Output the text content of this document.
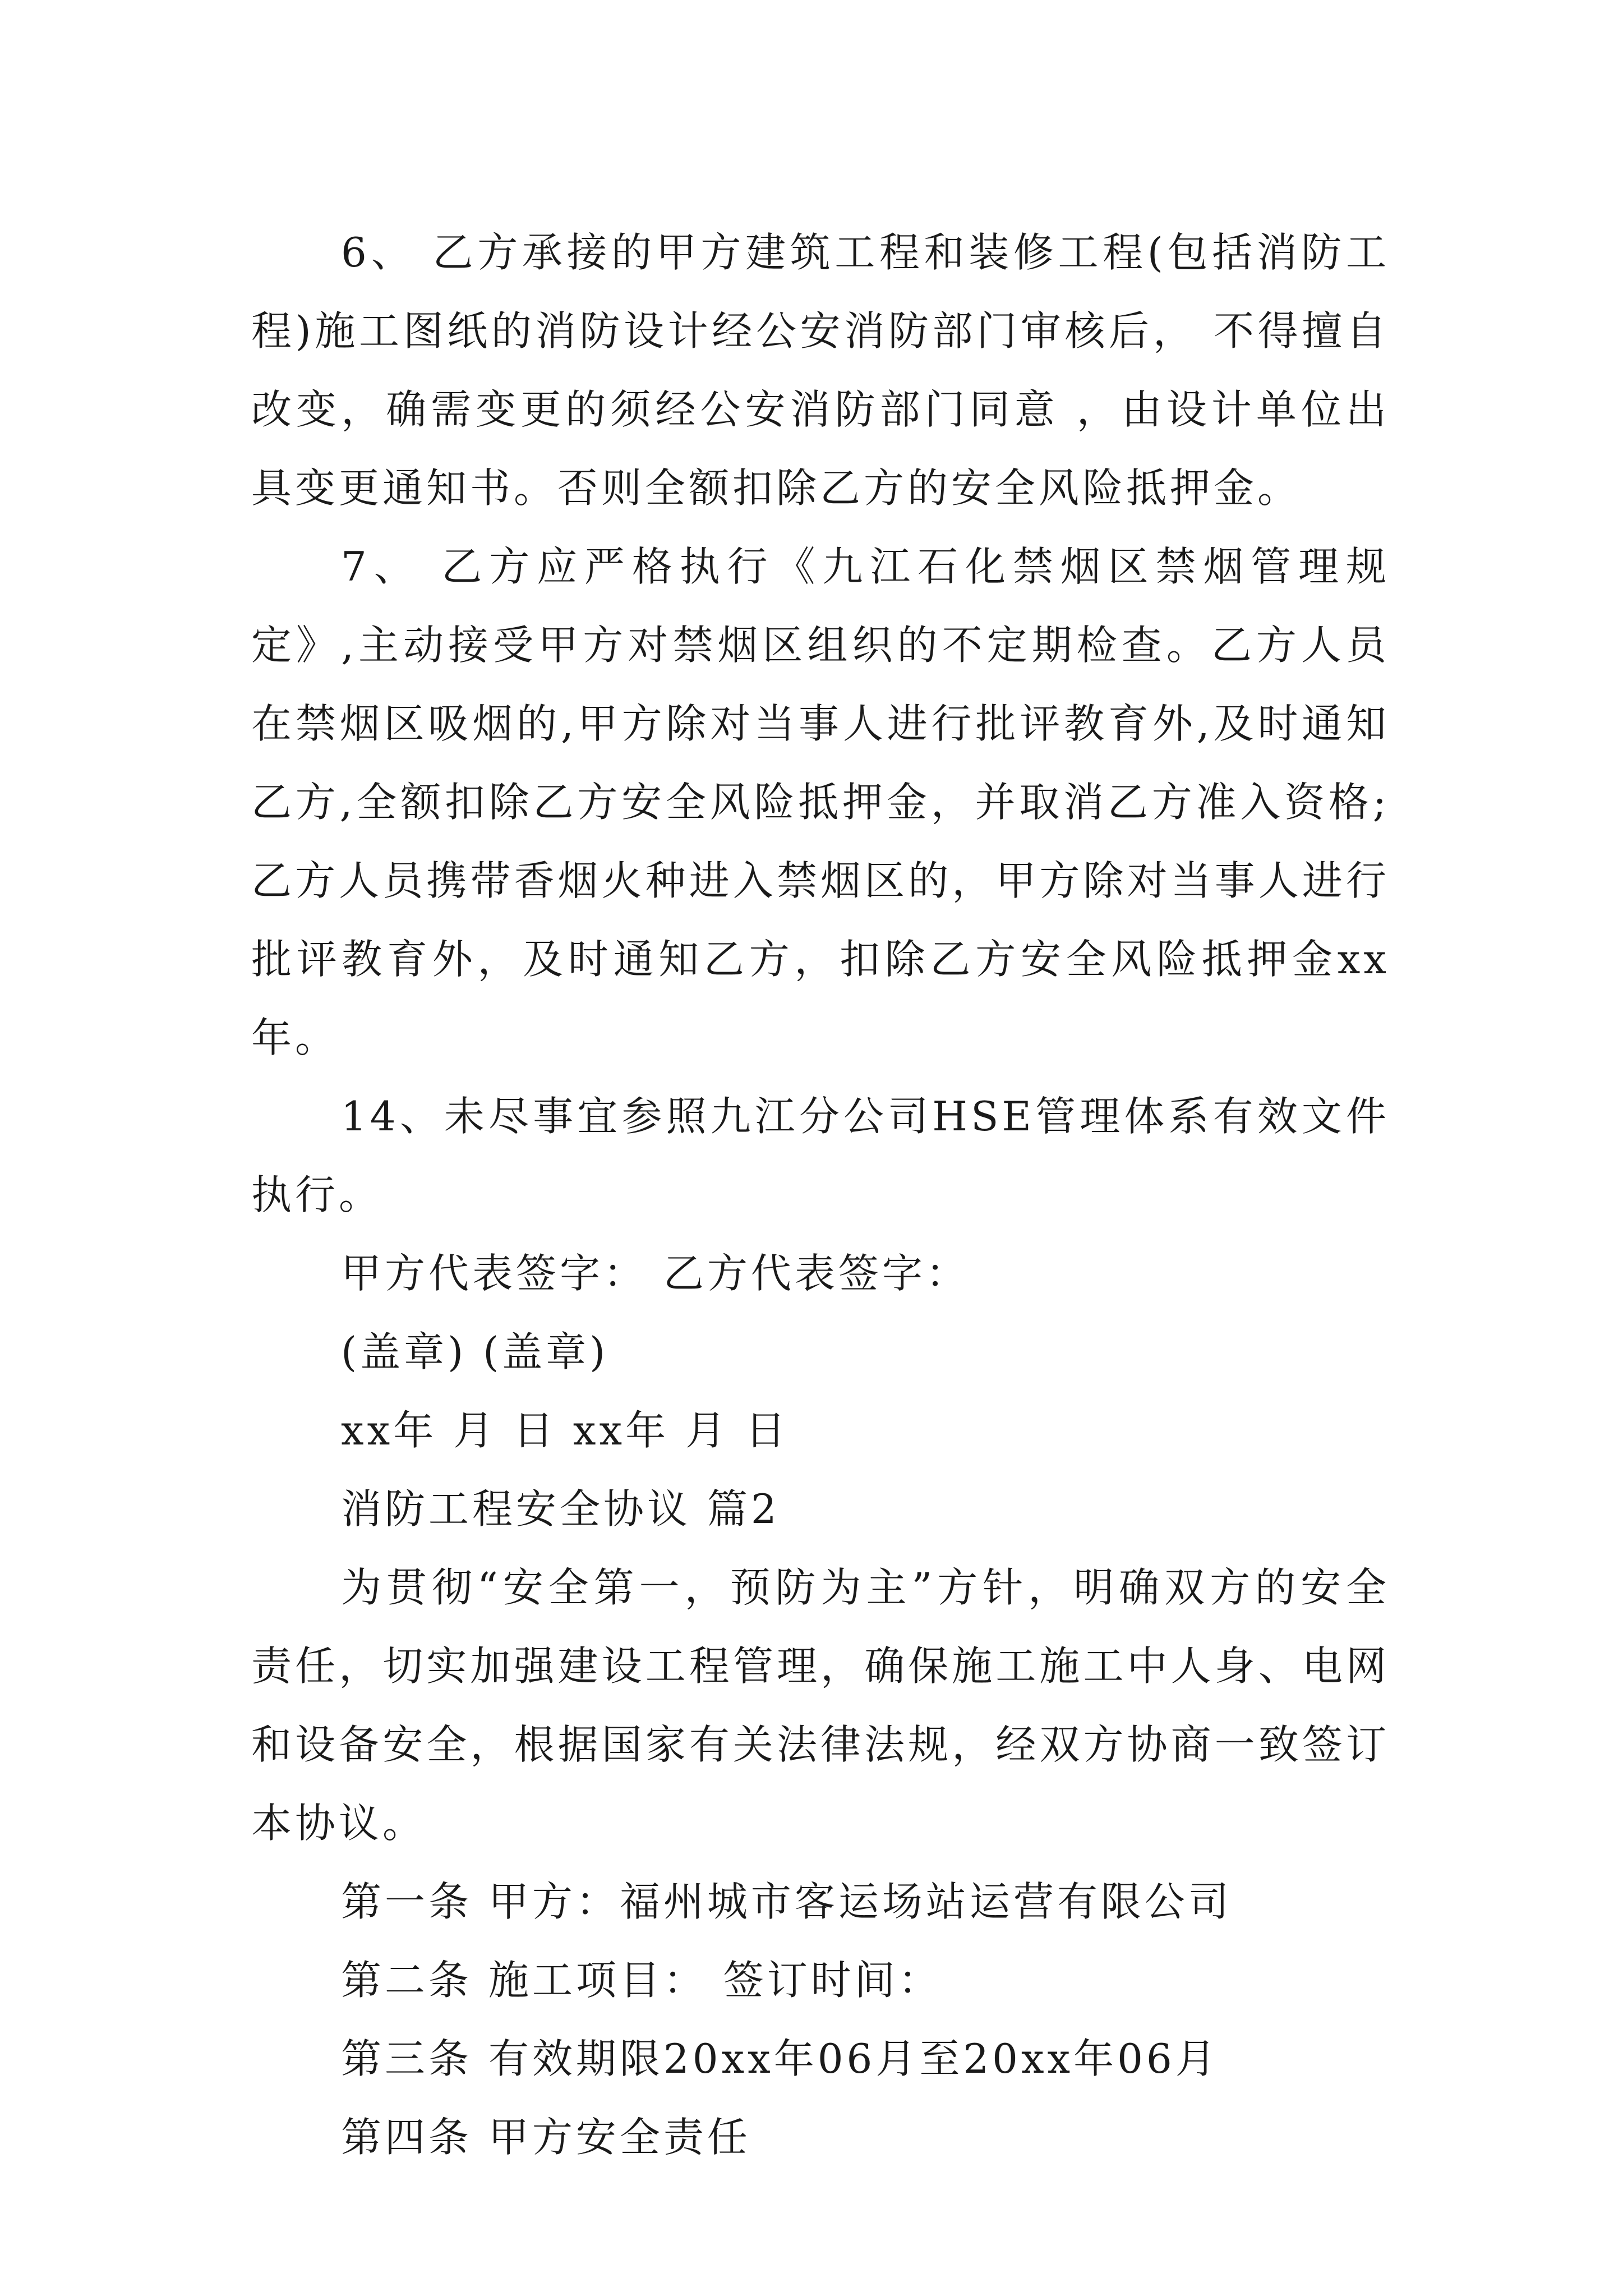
6、 乙方承接的甲方建筑工程和装修工程(包括消防工程)施工图纸的消防设计经公安消防部门审核后， 不得擅自改变，确需变更的须经公安消防部门同意 ，由设计单位出具变更通知书。否则全额扣除乙方的安全风险抵押金。

7、 乙方应严格执行《九江石化禁烟区禁烟管理规定》,主动接受甲方对禁烟区组织的不定期检查。乙方人员在禁烟区吸烟的,甲方除对当事人进行批评教育外,及时通知乙方,全额扣除乙方安全风险抵押金，并取消乙方准入资格;乙方人员携带香烟火种进入禁烟区的，甲方除对当事人进行批评教育外，及时通知乙方，扣除乙方安全风险抵押金xx年。

14、未尽事宜参照九江分公司HSE管理体系有效文件执行。

甲方代表签字： 乙方代表签字：

(盖章) (盖章)

xx年 月 日 xx年 月 日

消防工程安全协议 篇2

为贯彻“安全第一，预防为主”方针，明确双方的安全责任，切实加强建设工程管理，确保施工施工中人身、电网和设备安全，根据国家有关法律法规，经双方协商一致签订本协议。

第一条 甲方：福州城市客运场站运营有限公司

第二条 施工项目： 签订时间：

第三条 有效期限20xx年06月至20xx年06月

第四条 甲方安全责任
